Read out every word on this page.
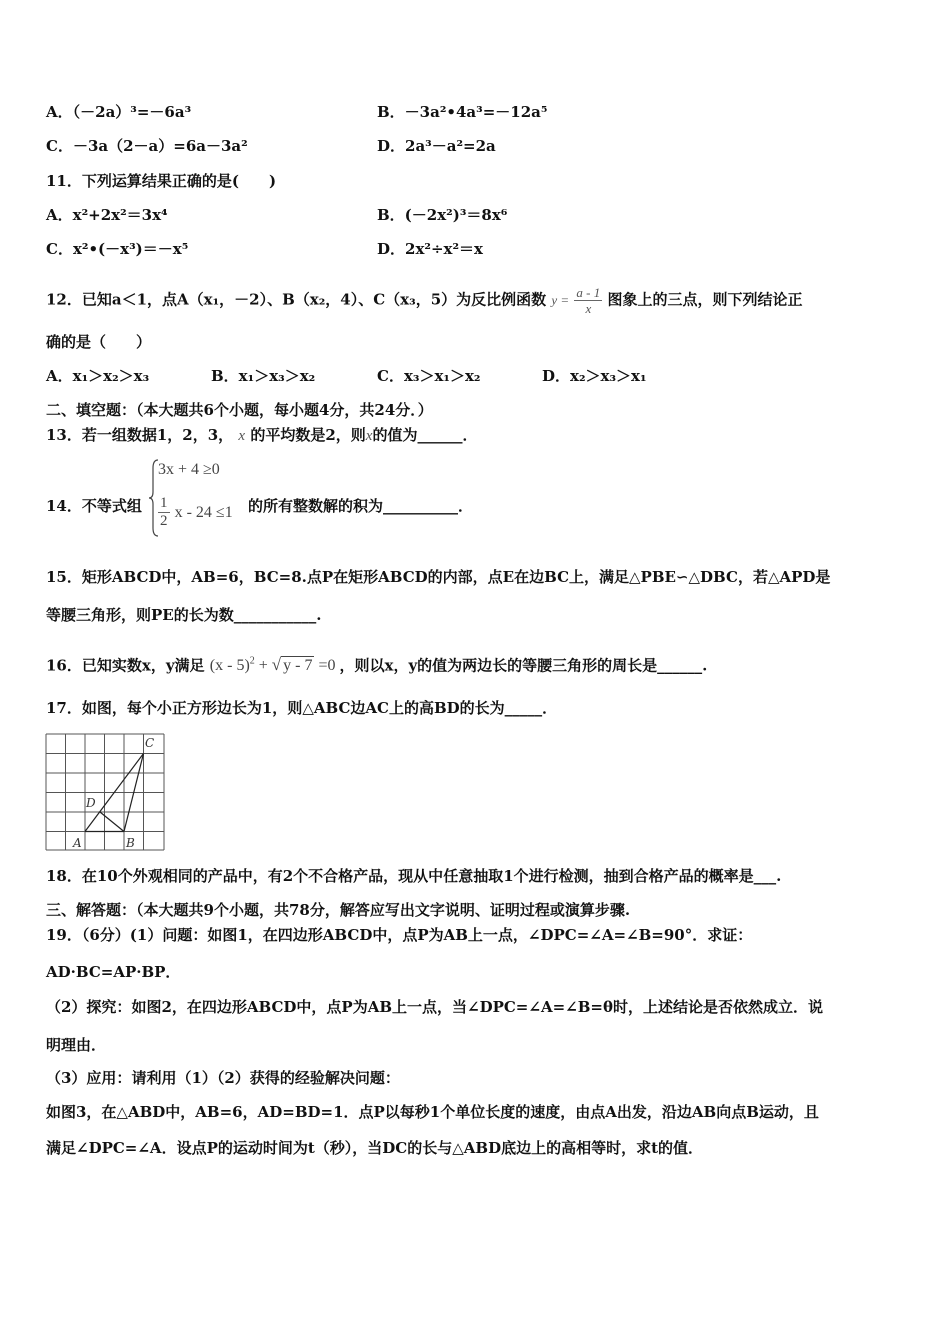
A．（－2a）³=－6a³	B．－3a²•4a³=－12a⁵
C．－3a（2－a）=6a－3a²	D．2a³－a²=2a
11．下列运算结果正确的是(　　)
A．x²+2x²＝3x⁴	B．(－2x²)³＝8x⁶
C．x²•(－x³)＝－x⁵	D．2x²÷x²＝x
12．已知a＜1，点A（x₁，－2）、B（x₂，4）、C（x₃，5）为反比例函数 $y = \frac{a - 1}{x}$ 图象上的三点，则下列结论正
确的是（　　）
A．x₁＞x₂＞x₃	B．x₁＞x₃＞x₂	C．x₃＞x₁＞x₂	D．x₂＞x₃＞x₁
二、填空题：（本大题共6个小题，每小题4分，共24分．）
13．若一组数据1，2，3， x 的平均数是2，则x的值为______．
14．不等式组
3x + 4 ≥0
$\frac{1}{2}$ x - 24 ≤1 的所有整数解的积为__________．
15．矩形ABCD中，AB=6，BC=8.点P在矩形ABCD的内部，点E在边BC上，满足△PBE∽△DBC，若△APD是
等腰三角形，则PE的长为数___________.
16．已知实数x，y满足 (x - 5)$^2$ + √ y - 7 =0 ，则以x，y的值为两边长的等腰三角形的周长是______.
17．如图，每个小正方形边长为1，则△ABC边AC上的高BD的长为_____．
C
D
A	B
18．在10个外观相同的产品中，有2个不合格产品，现从中任意抽取1个进行检测，抽到合格产品的概率是___.
三、解答题：（本大题共9个小题，共78分，解答应写出文字说明、证明过程或演算步骤.
19．（6分）(1）问题：如图1，在四边形ABCD中，点P为AB上一点，∠DPC=∠A=∠B=90°．求证：
AD·BC=AP·BP．
（2）探究：如图2，在四边形ABCD中，点P为AB上一点，当∠DPC=∠A=∠B=θ时，上述结论是否依然成立．说
明理由．
（3）应用：请利用（1）（2）获得的经验解决问题：
如图3，在△ABD中，AB=6，AD=BD=1．点P以每秒1个单位长度的速度，由点A出发，沿边AB向点B运动，且
满足∠DPC=∠A．设点P的运动时间为t（秒），当DC的长与△ABD底边上的高相等时，求t的值．
